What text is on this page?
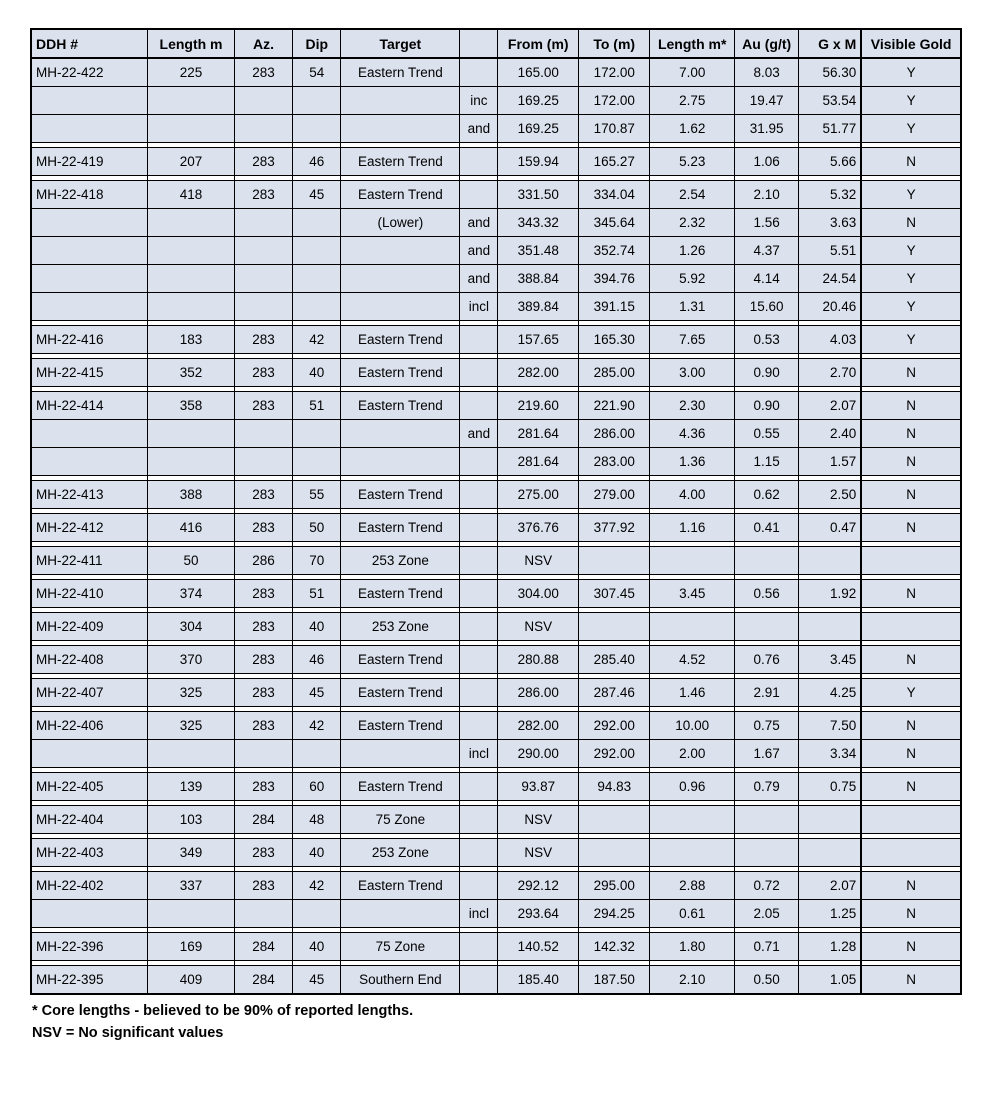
DDH #	Length m	Az.	Dip	Target		From (m)	To (m)	Length m*	Au (g/t)	G x M	Visible Gold
MH-22-422	225	283	54	Eastern Trend		165.00	172.00	7.00	8.03	56.30	Y
					inc	169.25	172.00	2.75	19.47	53.54	Y
					and	169.25	170.87	1.62	31.95	51.77	Y

MH-22-419	207	283	46	Eastern Trend		159.94	165.27	5.23	1.06	5.66	N

MH-22-418	418	283	45	Eastern Trend		331.50	334.04	2.54	2.10	5.32	Y
				(Lower)	and	343.32	345.64	2.32	1.56	3.63	N
					and	351.48	352.74	1.26	4.37	5.51	Y
					and	388.84	394.76	5.92	4.14	24.54	Y
					incl	389.84	391.15	1.31	15.60	20.46	Y

MH-22-416	183	283	42	Eastern Trend		157.65	165.30	7.65	0.53	4.03	Y

MH-22-415	352	283	40	Eastern Trend		282.00	285.00	3.00	0.90	2.70	N

MH-22-414	358	283	51	Eastern Trend		219.60	221.90	2.30	0.90	2.07	N
					and	281.64	286.00	4.36	0.55	2.40	N
						281.64	283.00	1.36	1.15	1.57	N

MH-22-413	388	283	55	Eastern Trend		275.00	279.00	4.00	0.62	2.50	N

MH-22-412	416	283	50	Eastern Trend		376.76	377.92	1.16	0.41	0.47	N

MH-22-411	50	286	70	253 Zone		NSV					

MH-22-410	374	283	51	Eastern Trend		304.00	307.45	3.45	0.56	1.92	N

MH-22-409	304	283	40	253 Zone		NSV					

MH-22-408	370	283	46	Eastern Trend		280.88	285.40	4.52	0.76	3.45	N

MH-22-407	325	283	45	Eastern Trend		286.00	287.46	1.46	2.91	4.25	Y

MH-22-406	325	283	42	Eastern Trend		282.00	292.00	10.00	0.75	7.50	N
					incl	290.00	292.00	2.00	1.67	3.34	N

MH-22-405	139	283	60	Eastern Trend		93.87	94.83	0.96	0.79	0.75	N

MH-22-404	103	284	48	75 Zone		NSV					

MH-22-403	349	283	40	253 Zone		NSV					

MH-22-402	337	283	42	Eastern Trend		292.12	295.00	2.88	0.72	2.07	N
					incl	293.64	294.25	0.61	2.05	1.25	N

MH-22-396	169	284	40	75 Zone		140.52	142.32	1.80	0.71	1.28	N

MH-22-395	409	284	45	Southern End		185.40	187.50	2.10	0.50	1.05	N
* Core lengths - believed to be 90% of reported lengths.
NSV = No significant values
